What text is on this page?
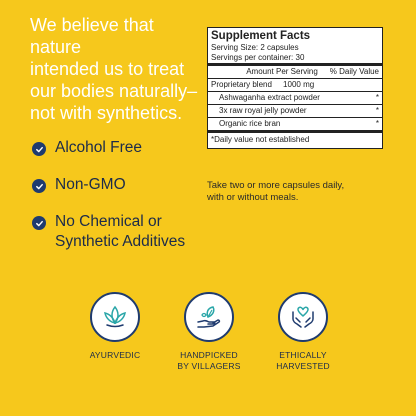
We believe that nature
intended us to treat
our bodies naturally–
not with synthetics.
Alcohol Free
Non-GMO
No Chemical or
Synthetic Additives
Supplement Facts
Serving Size: 2 capsules
Servings per container: 30
Amount Per Serving	% Daily Value
Proprietary blend 1000 mg
Ashwaganha extract powder	*
3x raw royal jelly powder	*
Organic rice bran	*
*Daily value not established
Take two or more capsules daily,
with or without meals.
AYURVEDIC	HANDPICKED
BY VILLAGERS
ETHICALLY
HARVESTED
